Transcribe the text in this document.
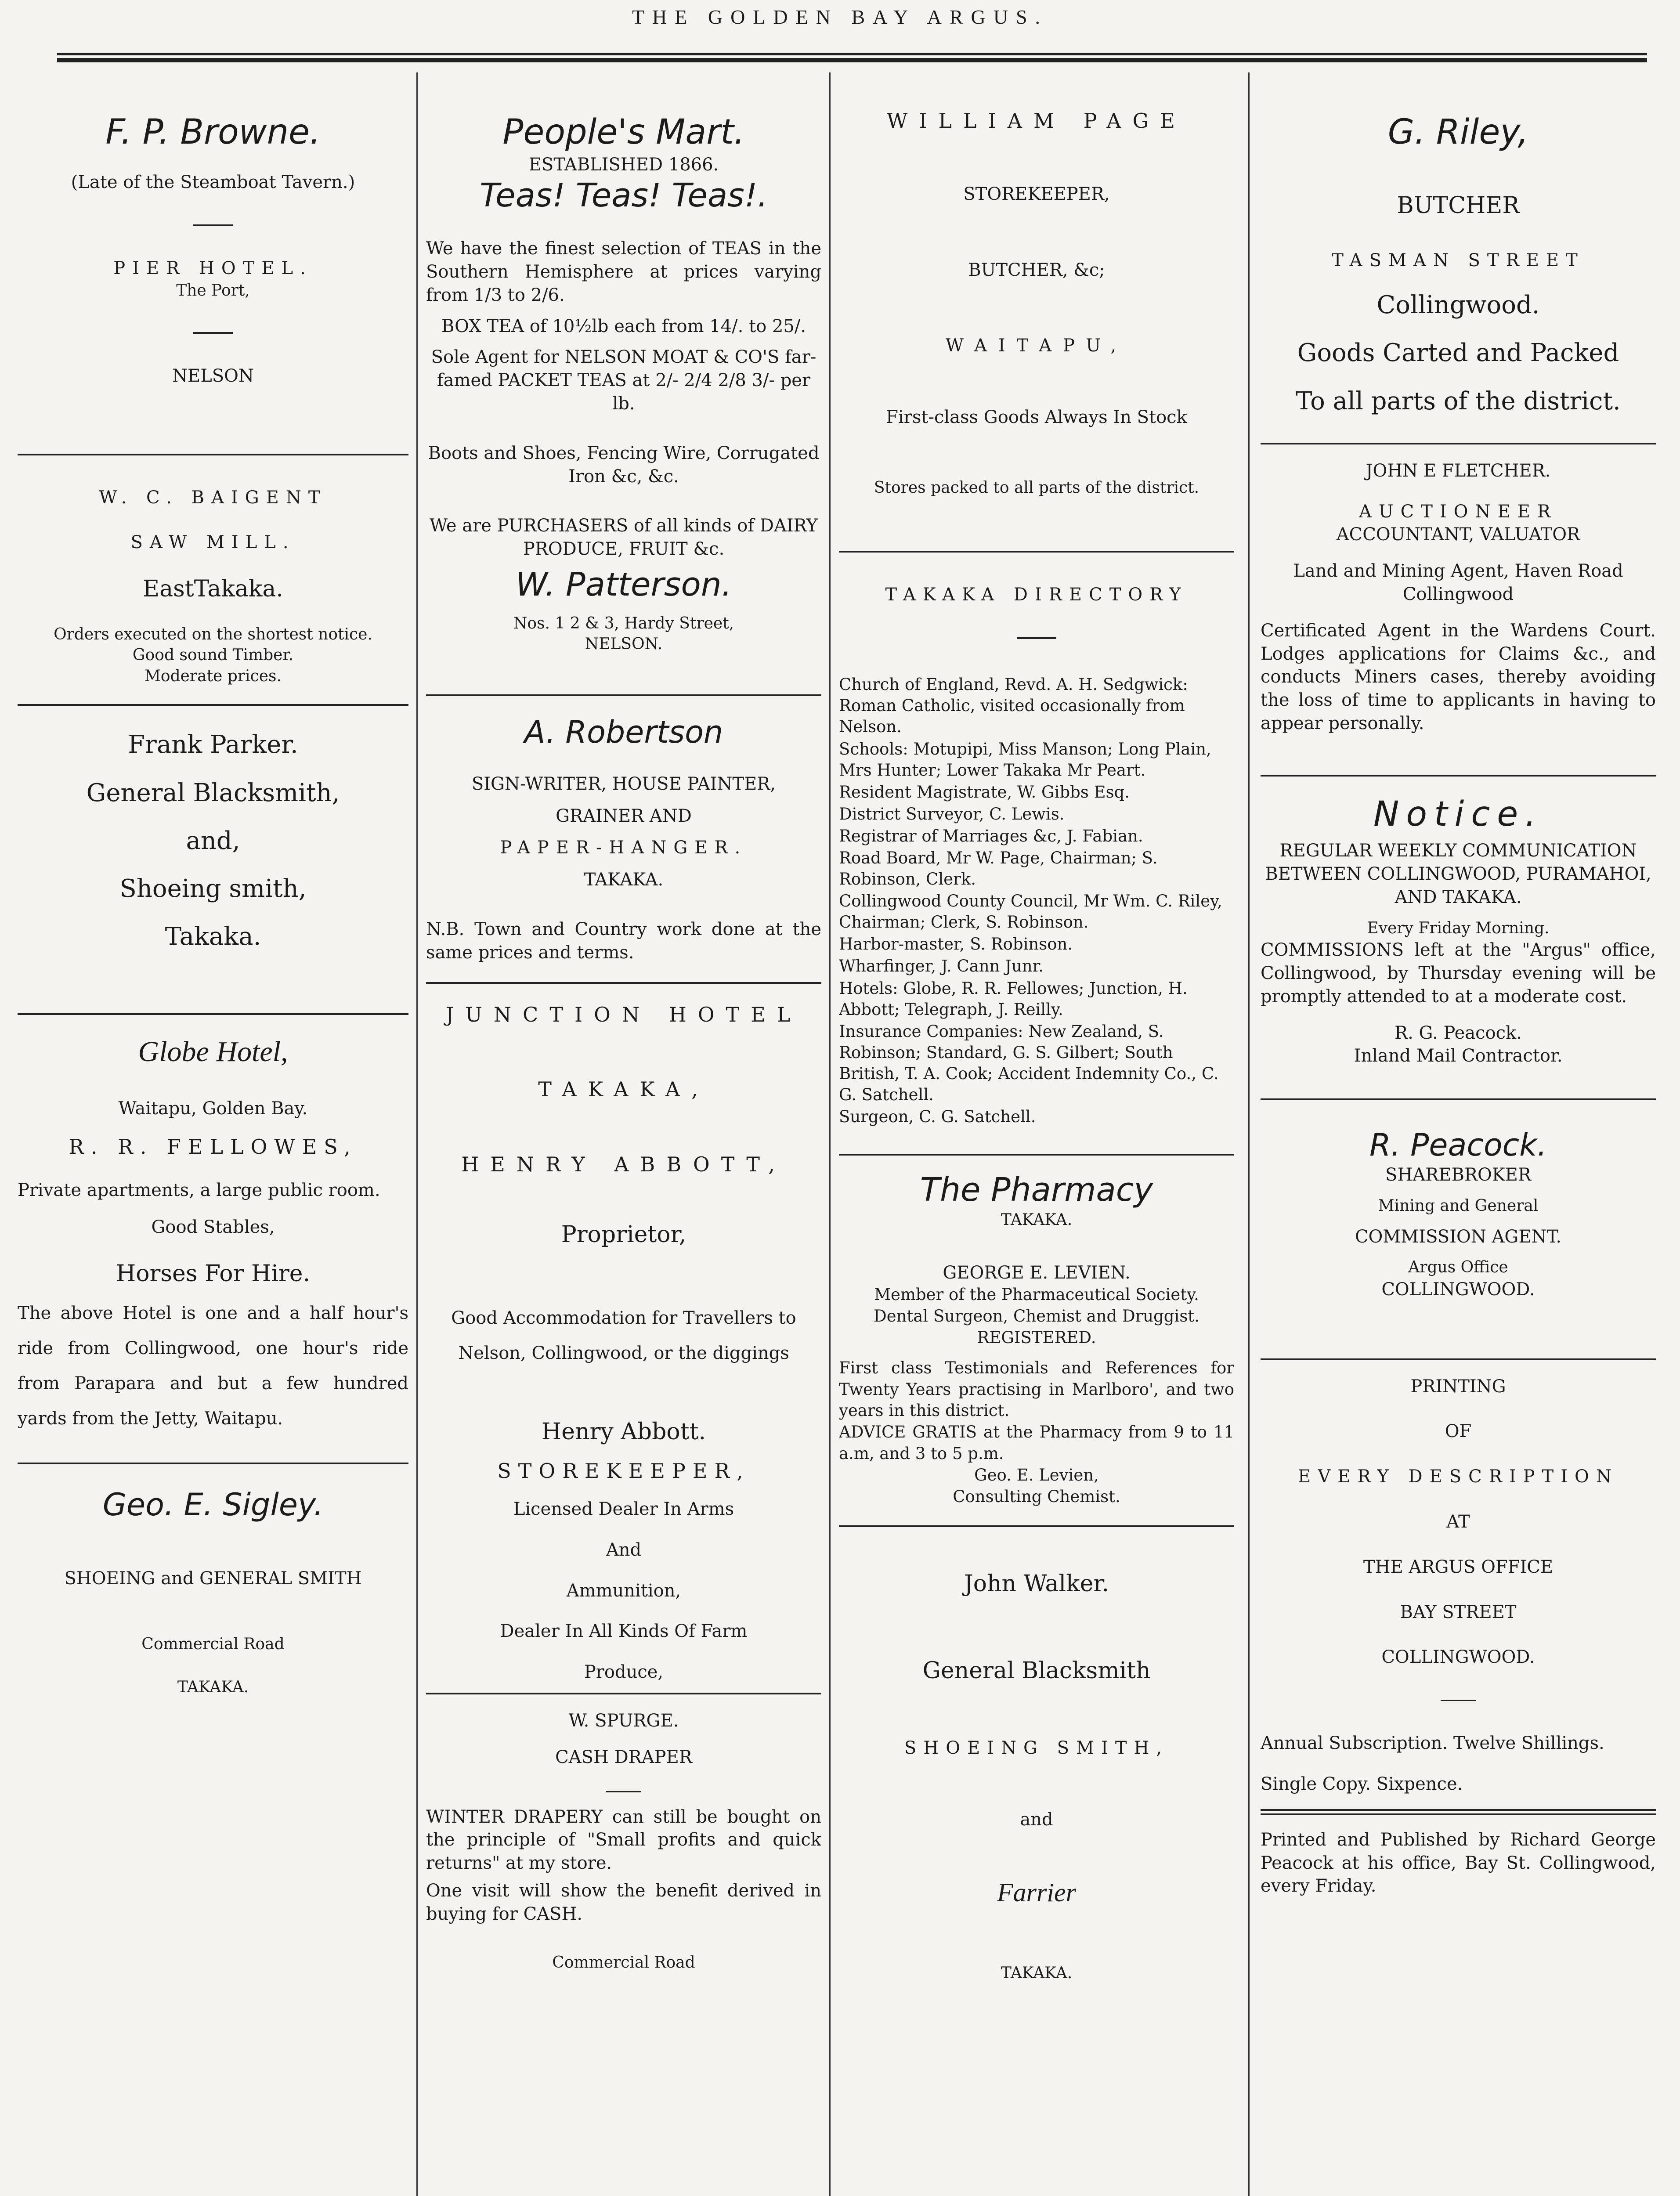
THE GOLDEN BAY ARGUS.

F. P. Browne.

(Late of the Steamboat Tavern.)

PIER HOTEL.

The Port,

NELSON

W. C. BAIGENT

SAW MILL.

EastTakaka.

Orders executed on the shortest notice.

Good sound Timber.

Moderate prices.

Frank Parker.

General Blacksmith,

and,

Shoeing smith,

Takaka.

Globe Hotel,

Waitapu, Golden Bay.

R. R. FELLOWES,

Private apartments, a large public room.

Good Stables,

Horses For Hire.

The above Hotel is one and a half hour's ride from Collingwood, one hour's ride from Parapara and but a few hundred yards from the Jetty, Waitapu.

Geo. E. Sigley.

SHOEING and GENERAL SMITH

Commercial Road

TAKAKA.

People's Mart.

ESTABLISHED 1866.

Teas! Teas! Teas!.

We have the finest selection of TEAS in the Southern Hemisphere at prices varying from 1/3 to 2/6.

BOX TEA of 10½lb each from 14/. to 25/.

Sole Agent for NELSON MOAT & CO'S far-famed PACKET TEAS at 2/- 2/4 2/8 3/- per lb.

Boots and Shoes, Fencing Wire, Corrugated Iron &c, &c.

We are PURCHASERS of all kinds of DAIRY PRODUCE, FRUIT &c.

W. Patterson.

Nos. 1 2 & 3, Hardy Street,

NELSON.

A. Robertson

SIGN-WRITER, HOUSE PAINTER,

GRAINER AND

PAPER-HANGER.

TAKAKA.

N.B. Town and Country work done at the same prices and terms.

JUNCTION HOTEL

TAKAKA,

HENRY ABBOTT,

Proprietor,

Good Accommodation for Travellers to Nelson, Collingwood, or the diggings

Henry Abbott.

STOREKEEPER,

Licensed Dealer In Arms

And

Ammunition,

Dealer In All Kinds Of Farm

Produce,

W. SPURGE.

CASH DRAPER

WINTER DRAPERY can still be bought on the principle of "Small profits and quick returns" at my store.

One visit will show the benefit derived in buying for CASH.

Commercial Road

WILLIAM PAGE

STOREKEEPER,

BUTCHER, &c;

WAITAPU,

First-class Goods Always In Stock

Stores packed to all parts of the district.

TAKAKA DIRECTORY

Church of England, Revd. A. H. Sedgwick: Roman Catholic, visited occasionally from Nelson.

Schools: Motupipi, Miss Manson; Long Plain, Mrs Hunter; Lower Takaka Mr Peart.

Resident Magistrate, W. Gibbs Esq.

District Surveyor, C. Lewis.

Registrar of Marriages &c, J. Fabian.

Road Board, Mr W. Page, Chairman; S. Robinson, Clerk.

Collingwood County Council, Mr Wm. C. Riley, Chairman; Clerk, S. Robinson.

Harbor-master, S. Robinson.

Wharfinger, J. Cann Junr.

Hotels: Globe, R. R. Fellowes; Junction, H. Abbott; Telegraph, J. Reilly.

Insurance Companies: New Zealand, S. Robinson; Standard, G. S. Gilbert; South British, T. A. Cook; Accident Indemnity Co., C. G. Satchell.

Surgeon, C. G. Satchell.

The Pharmacy

TAKAKA.

GEORGE E. LEVIEN.

Member of the Pharmaceutical Society.

Dental Surgeon, Chemist and Druggist.

REGISTERED.

First class Testimonials and References for Twenty Years practising in Marlboro', and two years in this district.

ADVICE GRATIS at the Pharmacy from 9 to 11 a.m, and 3 to 5 p.m.

Geo. E. Levien,

Consulting Chemist.

John Walker.

General Blacksmith

SHOEING SMITH,

and

Farrier

TAKAKA.

G. Riley,

BUTCHER

TASMAN STREET

Collingwood.

Goods Carted and Packed

To all parts of the district.

JOHN E FLETCHER.

AUCTIONEER

ACCOUNTANT, VALUATOR

Land and Mining Agent, Haven Road Collingwood

Certificated Agent in the Wardens Court. Lodges applications for Claims &c., and conducts Miners cases, thereby avoiding the loss of time to applicants in having to appear personally.

Notice.

REGULAR WEEKLY COMMUNICATION BETWEEN COLLINGWOOD, PURAMAHOI, AND TAKAKA.

Every Friday Morning.

COMMISSIONS left at the "Argus" office, Collingwood, by Thursday evening will be promptly attended to at a moderate cost.

R. G. Peacock.

Inland Mail Contractor.

R. Peacock.

SHAREBROKER

Mining and General

COMMISSION AGENT.

Argus Office

COLLINGWOOD.

PRINTING

OF

EVERY DESCRIPTION

AT

THE ARGUS OFFICE

BAY STREET

COLLINGWOOD.

Annual Subscription. Twelve Shillings.

Single Copy. Sixpence.

Printed and Published by Richard George Peacock at his office, Bay St. Collingwood, every Friday.
